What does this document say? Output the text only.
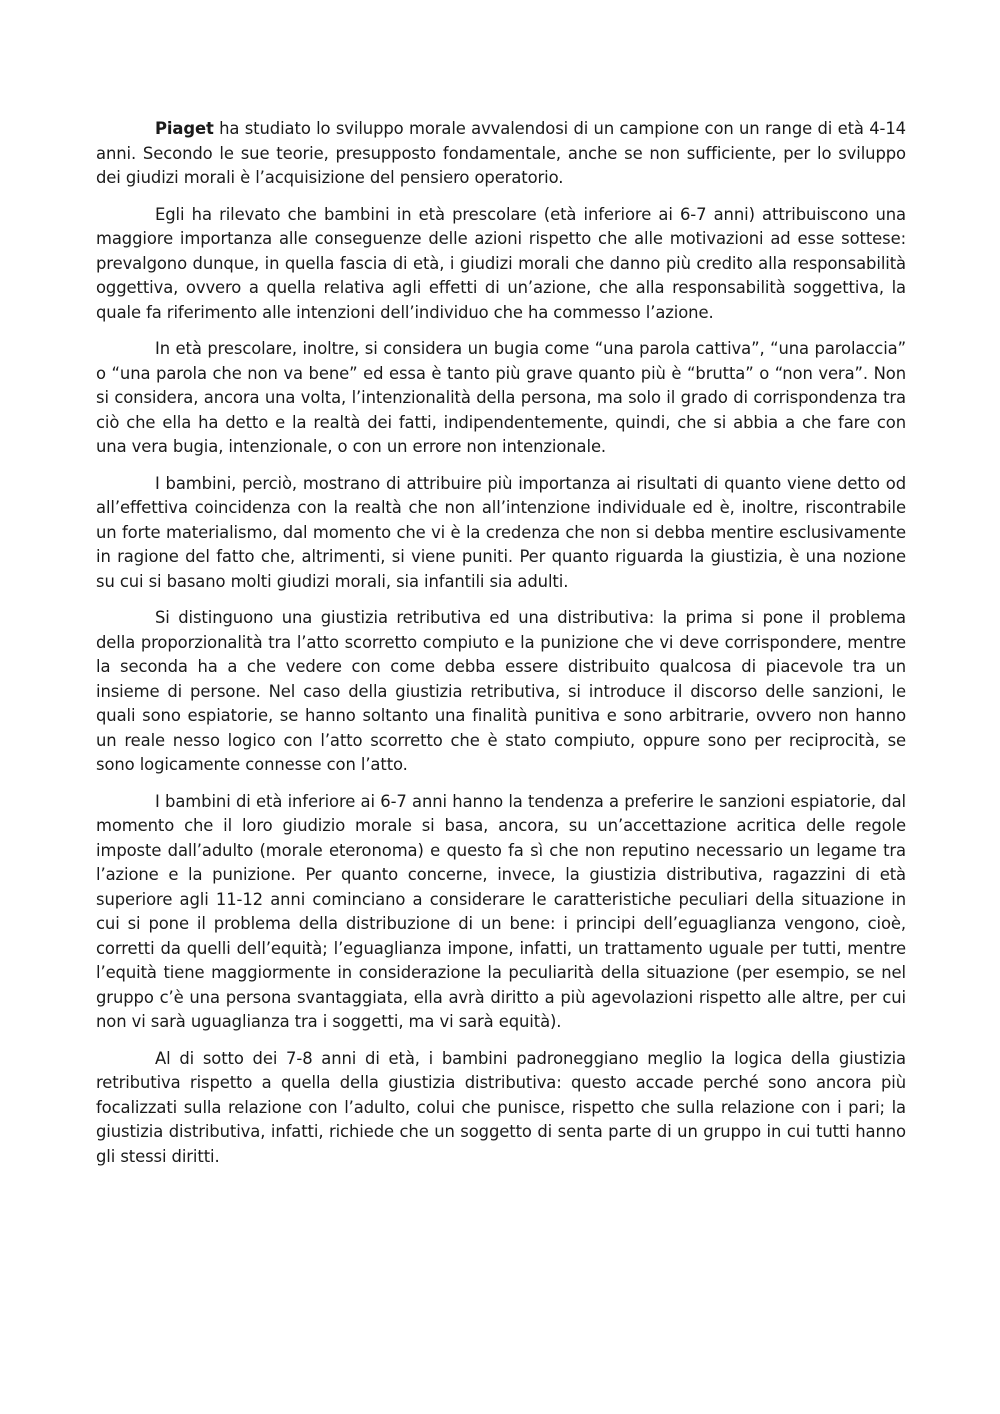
Piaget ha studiato lo sviluppo morale avvalendosi di un campione con un range di età 4-14 anni. Secondo le sue teorie, presupposto fondamentale, anche se non sufficiente, per lo sviluppo dei giudizi morali è l’acquisizione del pensiero operatorio.

Egli ha rilevato che bambini in età prescolare (età inferiore ai 6-7 anni) attribuiscono una maggiore importanza alle conseguenze delle azioni rispetto che alle motivazioni ad esse sottese: prevalgono dunque, in quella fascia di età, i giudizi morali che danno più credito alla responsabilità oggettiva, ovvero a quella relativa agli effetti di un’azione, che alla responsabilità soggettiva, la quale fa riferimento alle intenzioni dell’individuo che ha commesso l’azione.

In età prescolare, inoltre, si considera un bugia come “una parola cattiva”, “una parolaccia” o “una parola che non va bene” ed essa è tanto più grave quanto più è “brutta” o “non vera”. Non si considera, ancora una volta, l’intenzionalità della persona, ma solo il grado di corrispondenza tra ciò che ella ha detto e la realtà dei fatti, indipendentemente, quindi, che si abbia a che fare con una vera bugia, intenzionale, o con un errore non intenzionale.

I bambini, perciò, mostrano di attribuire più importanza ai risultati di quanto viene detto od all’effettiva coincidenza con la realtà che non all’intenzione individuale ed è, inoltre, riscontrabile un forte materialismo, dal momento che vi è la credenza che non si debba mentire esclusivamente in ragione del fatto che, altrimenti, si viene puniti. Per quanto riguarda la giustizia, è una nozione su cui si basano molti giudizi morali, sia infantili sia adulti.

Si distinguono una giustizia retributiva ed una distributiva: la prima si pone il problema della proporzionalità tra l’atto scorretto compiuto e la punizione che vi deve corrispondere, mentre la seconda ha a che vedere con come debba essere distribuito qualcosa di piacevole tra un insieme di persone. Nel caso della giustizia retributiva, si introduce il discorso delle sanzioni, le quali sono espiatorie, se hanno soltanto una finalità punitiva e sono arbitrarie, ovvero non hanno un reale nesso logico con l’atto scorretto che è stato compiuto, oppure sono per reciprocità, se sono logicamente connesse con l’atto.

I bambini di età inferiore ai 6-7 anni hanno la tendenza a preferire le sanzioni espiatorie, dal momento che il loro giudizio morale si basa, ancora, su un’accettazione acritica delle regole imposte dall’adulto (morale eteronoma) e questo fa sì che non reputino necessario un legame tra l’azione e la punizione. Per quanto concerne, invece, la giustizia distributiva, ragazzini di età superiore agli 11-12 anni cominciano a considerare le caratteristiche peculiari della situazione in cui si pone il problema della distribuzione di un bene: i principi dell’eguaglianza vengono, cioè, corretti da quelli dell’equità; l’eguaglianza impone, infatti, un trattamento uguale per tutti, mentre l’equità tiene maggiormente in considerazione la peculiarità della situazione (per esempio, se nel gruppo c’è una persona svantaggiata, ella avrà diritto a più agevolazioni rispetto alle altre, per cui non vi sarà uguaglianza tra i soggetti, ma vi sarà equità).

Al di sotto dei 7-8 anni di età, i bambini padroneggiano meglio la logica della giustizia retributiva rispetto a quella della giustizia distributiva: questo accade perché sono ancora più focalizzati sulla relazione con l’adulto, colui che punisce, rispetto che sulla relazione con i pari; la giustizia distributiva, infatti, richiede che un soggetto di senta parte di un gruppo in cui tutti hanno gli stessi diritti.
